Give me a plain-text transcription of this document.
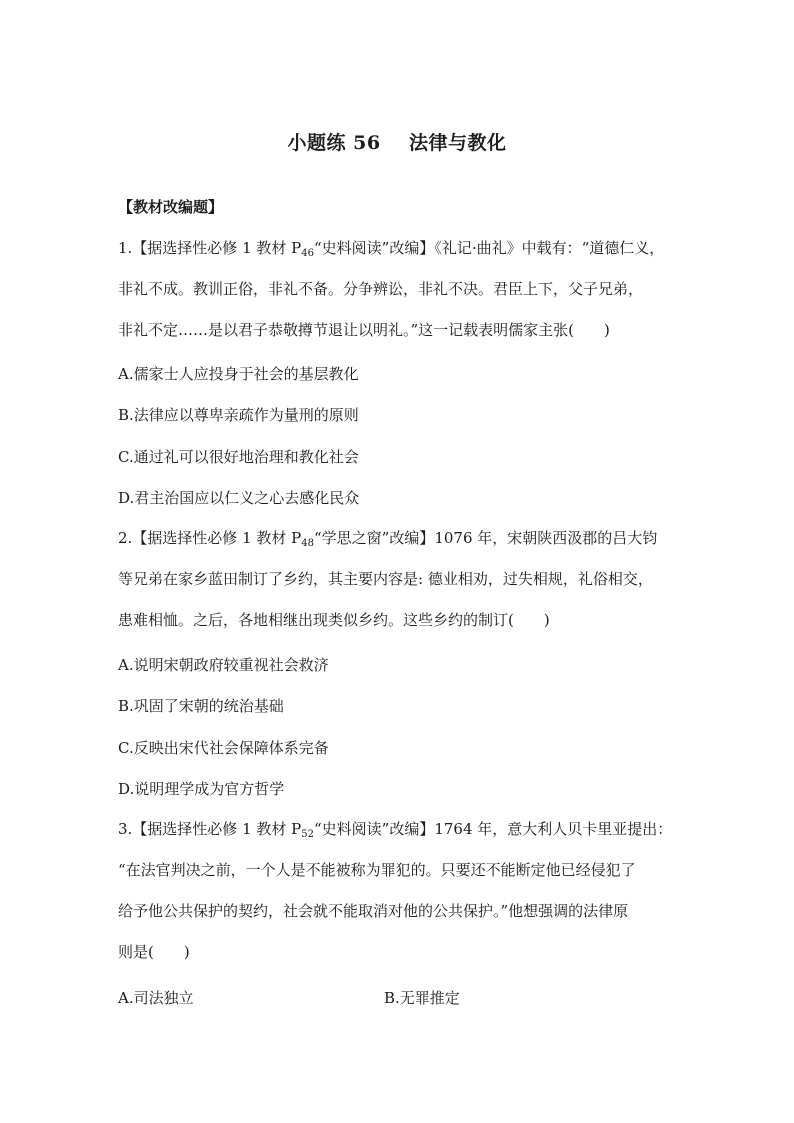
小题练 56    法律与教化
【教材改编题】
1.【据选择性必修 1 教材 $P_{46}“$史料阅读”改编】《礼记·曲礼》中载有：“道德仁义，
非礼不成。教训正俗，非礼不备。分争辨讼，非礼不决。君臣上下，父子兄弟，
非礼不定……是以君子恭敬撙节退让以明礼。”这一记载表明儒家主张(　　)
A.儒家士人应投身于社会的基层教化
B.法律应以尊卑亲疏作为量刑的原则
C.通过礼可以很好地治理和教化社会
D.君主治国应以仁义之心去感化民众
2.【据选择性必修 1 教材 $P_{48}“$学思之窗”改编】1076 年，宋朝陕西汲郡的吕大钧
等兄弟在家乡蓝田制订了乡约，其主要内容是: 德业相劝，过失相规，礼俗相交，
患难相恤。之后，各地相继出现类似乡约。这些乡约的制订(　　)
A.说明宋朝政府较重视社会救济
B.巩固了宋朝的统治基础
C.反映出宋代社会保障体系完备
D.说明理学成为官方哲学
3.【据选择性必修 1 教材 $P_{52}“$史料阅读”改编】1764 年，意大利人贝卡里亚提出：
“在法官判决之前，一个人是不能被称为罪犯的。只要还不能断定他已经侵犯了
给予他公共保护的契约，社会就不能取消对他的公共保护。”他想强调的法律原
则是(　　)
A.司法独立	B.无罪推定
